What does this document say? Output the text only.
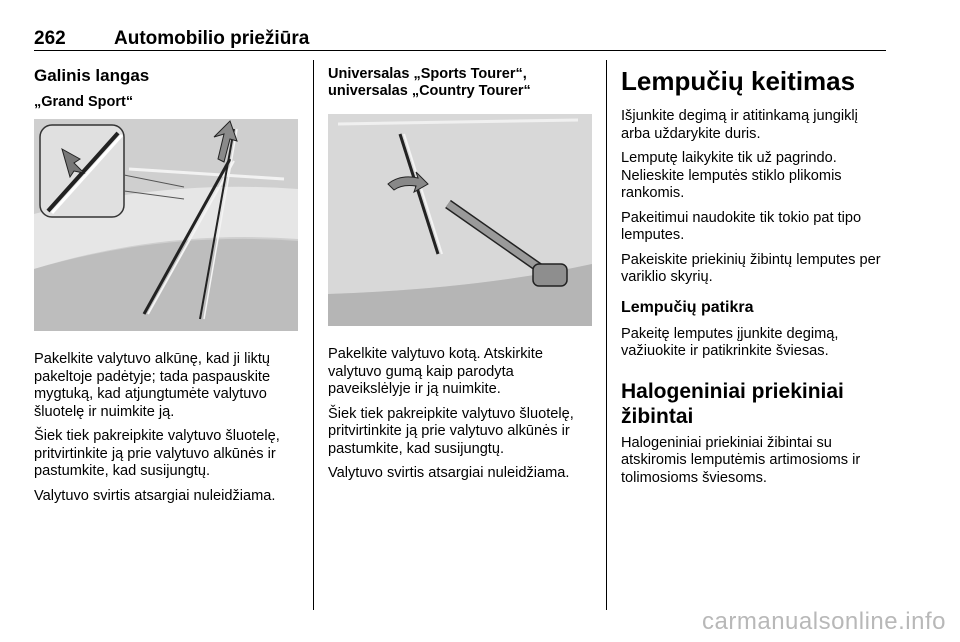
262	Automobilio priežiūra
Galinis langas
„Grand Sport“

Pakelkite valytuvo alkūnę, kad ji liktų pakeltoje padėtyje; tada paspauskite mygtuką, kad atjungtumėte valytuvo šluotelę ir nuimkite ją.

Šiek tiek pakreipkite valytuvo šluotelę, pritvirtinkite ją prie valytuvo alkūnės ir pastumkite, kad susijungtų.

Valytuvo svirtis atsargiai nuleidžiama.

Universalas „Sports Tourer“,
universalas „Country Tourer“

Pakelkite valytuvo kotą. Atskirkite valytuvo gumą kaip parodyta paveikslėlyje ir ją nuimkite.

Šiek tiek pakreipkite valytuvo šluotelę, pritvirtinkite ją prie valytuvo alkūnės ir pastumkite, kad susijungtų.

Valytuvo svirtis atsargiai nuleidžiama.

Lempučių keitimas

Išjunkite degimą ir atitinkamą jungiklį arba uždarykite duris.

Lemputę laikykite tik už pagrindo. Nelieskite lemputės stiklo plikomis rankomis.

Pakeitimui naudokite tik tokio pat tipo lemputes.

Pakeiskite priekinių žibintų lemputes per variklio skyrių.

Lempučių patikra

Pakeitę lemputes įjunkite degimą, važiuokite ir patikrinkite šviesas.

Halogeniniai priekiniai
žibintai

Halogeniniai priekiniai žibintai su atskiromis lemputėmis artimosioms ir tolimosioms šviesoms.

carmanualsonline.info
